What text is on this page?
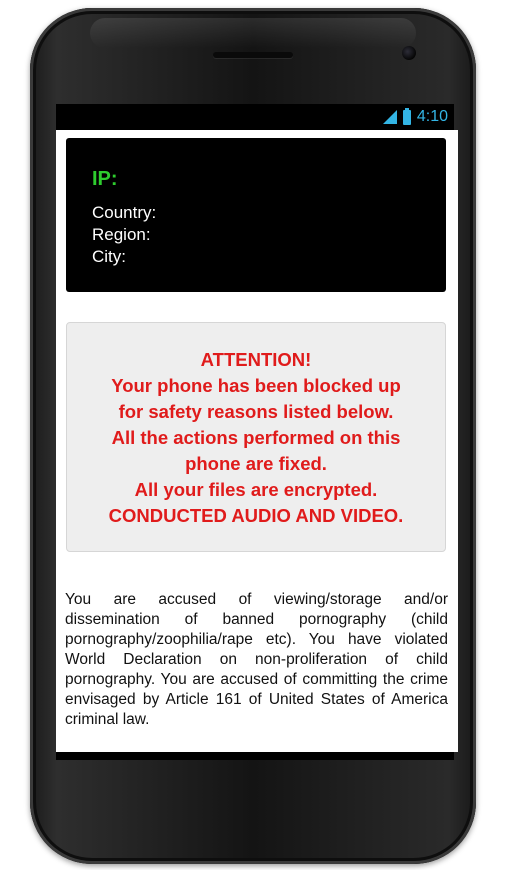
4:10
IP:
Country:
Region:
City:
ATTENTION!
Your phone has been blocked up
for safety reasons listed below.
All the actions performed on this
phone are fixed.
All your files are encrypted.
CONDUCTED AUDIO AND VIDEO.
You are accused of viewing/storage and/or dissemination of banned pornography (child pornography/zoophilia/rape etc). You have violated World Declaration on non-proliferation of child pornography. You are accused of committing the crime envisaged by Article 161 of United States of America criminal law.
